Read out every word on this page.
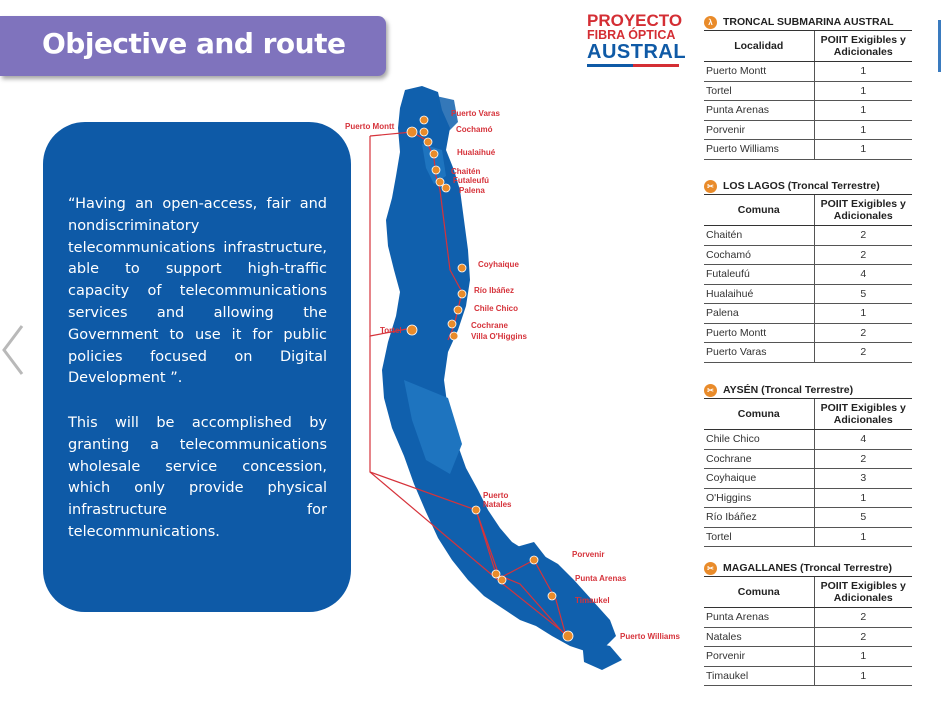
Objective and route

“Having an open-access, fair and nondiscriminatory telecommunications infrastructure, able to support high-traffic capacity of telecommunications services and allowing the Government to use it for public policies focused on Digital Development ”.

This will be accomplished by granting a telecommunications wholesale service concession, which only provide physical infrastructure for telecommunications.

Puerto Montt
Puerto Varas
Cochamó
Hualaihué
Chaitén
Futaleufú
Palena
Coyhaique
Río Ibáñez
Chile Chico
Cochrane
Villa O'Higgins
Tortel
Puerto Natales
Porvenir
Punta Arenas
Timaukel
Puerto Williams
PROYECTO
FIBRA ÓPTICA
AUSTRAL
λ TRONCAL SUBMARINA AUSTRAL
Localidad	POIIT Exigibles y Adicionales
Puerto Montt	1
Tortel	1
Punta Arenas	1
Porvenir	1
Puerto Williams	1
✂ LOS LAGOS (Troncal Terrestre)
Comuna	POIIT Exigibles y Adicionales
Chaitén	2
Cochamó	2
Futaleufú	4
Hualaihué	5
Palena	1
Puerto Montt	2
Puerto Varas	2
✂ AYSÉN (Troncal Terrestre)
Comuna	POIIT Exigibles y Adicionales
Chile Chico	4
Cochrane	2
Coyhaique	3
O'Higgins	1
Río Ibáñez	5
Tortel	1
✂ MAGALLANES (Troncal Terrestre)
Comuna	POIIT Exigibles y Adicionales
Punta Arenas	2
Natales	2
Porvenir	1
Timaukel	1
